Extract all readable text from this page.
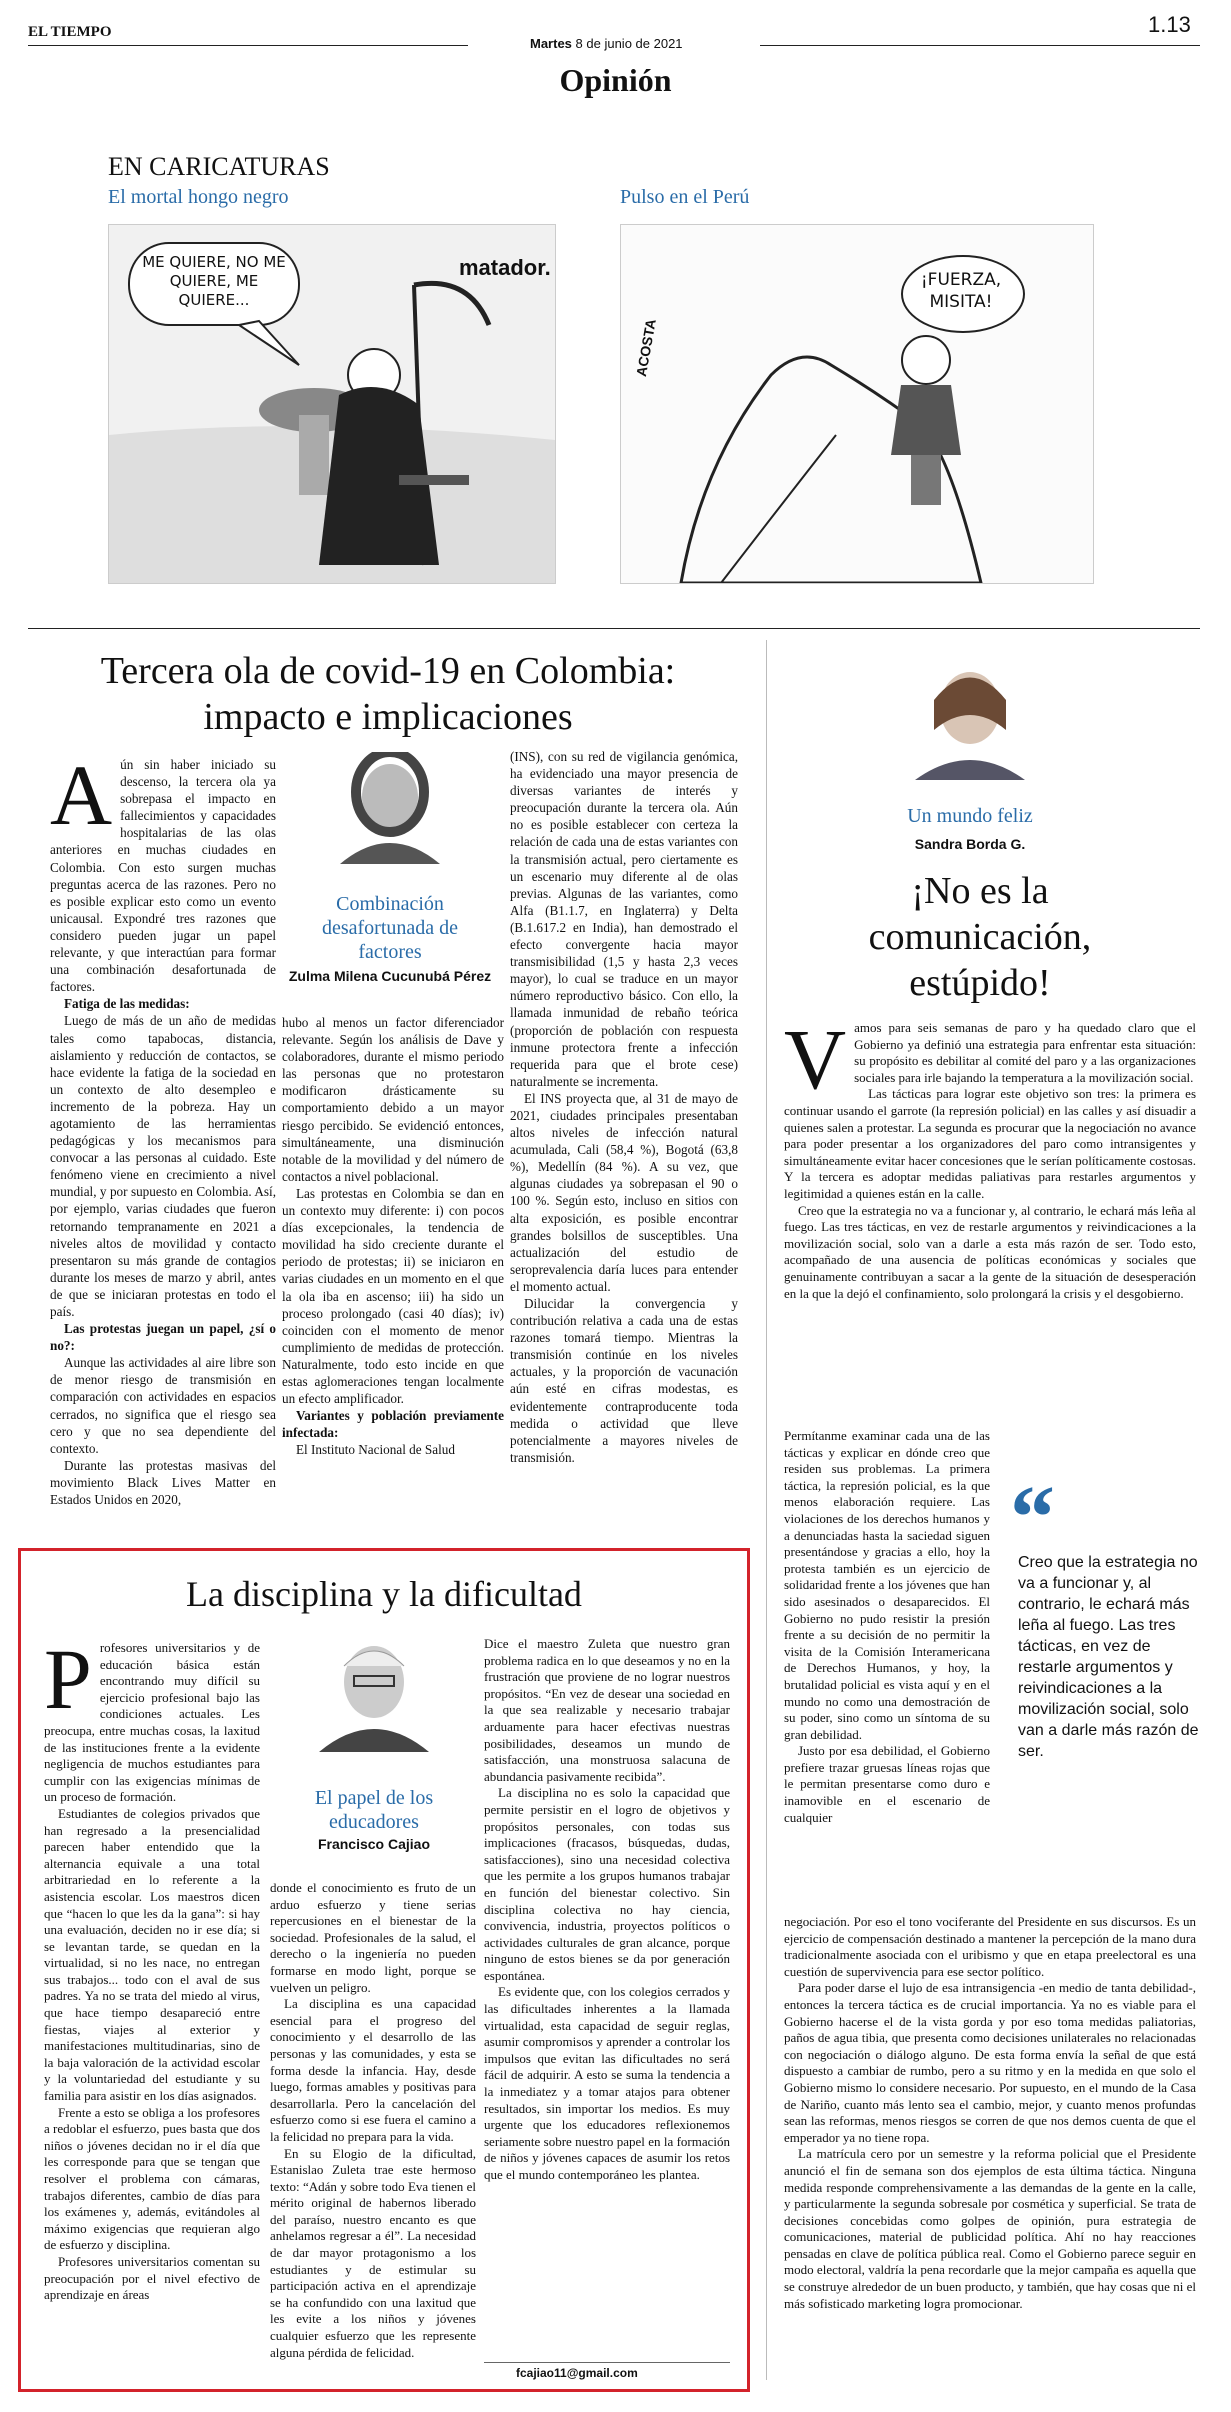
EL TIEMPO
Martes 8 de junio de 2021
1.13
Opinión
EN CARICATURAS
El mortal hongo negro	Pulso en el Perú
ME QUIERE, NO ME QUIERE, ME QUIERE...
matador.	¡FUERZA, MISITA!
ACOSTA
Tercera ola de covid-19 en Colombia:
impacto e implicaciones

Aún sin haber iniciado su descenso, la tercera ola ya sobrepasa el impacto en fallecimientos y capacidades hospitalarias de las olas anteriores en muchas ciudades en Colombia. Con esto surgen muchas preguntas acerca de las razones. Pero no es posible explicar esto como un evento unicausal. Expondré tres razones que considero pueden jugar un papel relevante, y que interactúan para formar una combinación desafortunada de factores.

Fatiga de las medidas:

Luego de más de un año de medidas tales como tapabocas, distancia, aislamiento y reducción de contactos, se hace evidente la fatiga de la sociedad en un contexto de alto desempleo e incremento de la pobreza. Hay un agotamiento de las herramientas pedagógicas y los mecanismos para convocar a las personas al cuidado. Este fenómeno viene en crecimiento a nivel mundial, y por supuesto en Colombia. Así, por ejemplo, varias ciudades que fueron retornando tempranamente en 2021 a niveles altos de movilidad y contacto presentaron su más grande de contagios durante los meses de marzo y abril, antes de que se iniciaran protestas en todo el país.

Las protestas juegan un papel, ¿sí o no?:

Aunque las actividades al aire libre son de menor riesgo de transmisión en comparación con actividades en espacios cerrados, no significa que el riesgo sea cero y que no sea dependiente del contexto.

Durante las protestas masivas del movimiento Black Lives Matter en Estados Unidos en 2020,

Combinación desafortunada de factores
Zulma Milena Cucunubá Pérez

hubo al menos un factor diferenciador relevante. Según los análisis de Dave y colaboradores, durante el mismo periodo las personas que no protestaron modificaron drásticamente su comportamiento debido a un mayor riesgo percibido. Se evidenció entonces, simultáneamente, una disminución notable de la movilidad y del número de contactos a nivel poblacional.

Las protestas en Colombia se dan en un contexto muy diferente: i) con pocos días excepcionales, la tendencia de movilidad ha sido creciente durante el periodo de protestas; ii) se iniciaron en varias ciudades en un momento en el que la ola iba en ascenso; iii) ha sido un proceso prolongado (casi 40 días); iv) coinciden con el momento de menor cumplimiento de medidas de protección. Naturalmente, todo esto incide en que estas aglomeraciones tengan localmente un efecto amplificador.

Variantes y población previamente infectada:

El Instituto Nacional de Salud

(INS), con su red de vigilancia genómica, ha evidenciado una mayor presencia de diversas variantes de interés y preocupación durante la tercera ola. Aún no es posible establecer con certeza la relación de cada una de estas variantes con la transmisión actual, pero ciertamente es un escenario muy diferente al de olas previas. Algunas de las variantes, como Alfa (B1.1.7, en Inglaterra) y Delta (B.1.617.2 en India), han demostrado el efecto convergente hacia mayor transmisibilidad (1,5 y hasta 2,3 veces mayor), lo cual se traduce en un mayor número reproductivo básico. Con ello, la llamada inmunidad de rebaño teórica (proporción de población con respuesta inmune protectora frente a infección requerida para que el brote cese) naturalmente se incrementa.

El INS proyecta que, al 31 de mayo de 2021, ciudades principales presentaban altos niveles de infección natural acumulada, Cali (58,4 %), Bogotá (63,8 %), Medellín (84 %). A su vez, que algunas ciudades ya sobrepasan el 90 o 100 %. Según esto, incluso en sitios con alta exposición, es posible encontrar grandes bolsillos de susceptibles. Una actualización del estudio de seroprevalencia daría luces para entender el momento actual.

Dilucidar la convergencia y contribución relativa a cada una de estas razones tomará tiempo. Mientras la transmisión continúe en los niveles actuales, y la proporción de vacunación aún esté en cifras modestas, es evidentemente contraproducente toda medida o actividad que lleve potencialmente a mayores niveles de transmisión.

La disciplina y la dificultad

Profesores universitarios y de educación básica están encontrando muy difícil su ejercicio profesional bajo las condiciones actuales. Les preocupa, entre muchas cosas, la laxitud de las instituciones frente a la evidente negligencia de muchos estudiantes para cumplir con las exigencias mínimas de un proceso de formación.

Estudiantes de colegios privados que han regresado a la presencialidad parecen haber entendido que la alternancia equivale a una total arbitrariedad en lo referente a la asistencia escolar. Los maestros dicen que “hacen lo que les da la gana”: si hay una evaluación, deciden no ir ese día; si se levantan tarde, se quedan en la virtualidad, si no les nace, no entregan sus trabajos... todo con el aval de sus padres. Ya no se trata del miedo al virus, que hace tiempo desapareció entre fiestas, viajes al exterior y manifestaciones multitudinarias, sino de la baja valoración de la actividad escolar y la voluntariedad del estudiante y su familia para asistir en los días asignados.

Frente a esto se obliga a los profesores a redoblar el esfuerzo, pues basta que dos niños o jóvenes decidan no ir el día que les corresponde para que se tengan que resolver el problema con cámaras, trabajos diferentes, cambio de días para los exámenes y, además, evitándoles al máximo exigencias que requieran algo de esfuerzo y disciplina.

Profesores universitarios comentan su preocupación por el nivel efectivo de aprendizaje en áreas

El papel de los educadores
Francisco Cajiao

donde el conocimiento es fruto de un arduo esfuerzo y tiene serias repercusiones en el bienestar de la sociedad. Profesionales de la salud, el derecho o la ingeniería no pueden formarse en modo light, porque se vuelven un peligro.

La disciplina es una capacidad esencial para el progreso del conocimiento y el desarrollo de las personas y las comunidades, y esta se forma desde la infancia. Hay, desde luego, formas amables y positivas para desarrollarla. Pero la cancelación del esfuerzo como si ese fuera el camino a la felicidad no prepara para la vida.

En su Elogio de la dificultad, Estanislao Zuleta trae este hermoso texto: “Adán y sobre todo Eva tienen el mérito original de habernos liberado del paraíso, nuestro encanto es que anhelamos regresar a él”. La necesidad de dar mayor protagonismo a los estudiantes y de estimular su participación activa en el aprendizaje se ha confundido con una laxitud que les evite a los niños y jóvenes cualquier esfuerzo que les represente alguna pérdida de felicidad.

Dice el maestro Zuleta que nuestro gran problema radica en lo que deseamos y no en la frustración que proviene de no lograr nuestros propósitos. “En vez de desear una sociedad en la que sea realizable y necesario trabajar arduamente para hacer efectivas nuestras posibilidades, deseamos un mundo de satisfacción, una monstruosa salacuna de abundancia pasivamente recibida”.

La disciplina no es solo la capacidad que permite persistir en el logro de objetivos y propósitos personales, con todas sus implicaciones (fracasos, búsquedas, dudas, satisfacciones), sino una necesidad colectiva que les permite a los grupos humanos trabajar en función del bienestar colectivo. Sin disciplina colectiva no hay ciencia, convivencia, industria, proyectos políticos o actividades culturales de gran alcance, porque ninguno de estos bienes se da por generación espontánea.

Es evidente que, con los colegios cerrados y las dificultades inherentes a la llamada virtualidad, esta capacidad de seguir reglas, asumir compromisos y aprender a controlar los impulsos que evitan las dificultades no será fácil de adquirir. A esto se suma la tendencia a la inmediatez y a tomar atajos para obtener resultados, sin importar los medios. Es muy urgente que los educadores reflexionemos seriamente sobre nuestro papel en la formación de niños y jóvenes capaces de asumir los retos que el mundo contemporáneo les plantea.

fcajiao11@gmail.com
Un mundo feliz
Sandra Borda G.
¡No es la
comunicación,
estúpido!

Vamos para seis semanas de paro y ha quedado claro que el Gobierno ya definió una estrategia para enfrentar esta situación: su propósito es debilitar al comité del paro y a las organizaciones sociales para irle bajando la temperatura a la movilización social.

Las tácticas para lograr este objetivo son tres: la primera es continuar usando el garrote (la represión policial) en las calles y así disuadir a quienes salen a protestar. La segunda es procurar que la negociación no avance para poder presentar a los organizadores del paro como intransigentes y simultáneamente evitar hacer concesiones que le serían políticamente costosas. Y la tercera es adoptar medidas paliativas para restarles argumentos y legitimidad a quienes están en la calle.

Creo que la estrategia no va a funcionar y, al contrario, le echará más leña al fuego. Las tres tácticas, en vez de restarle argumentos y reivindicaciones a la movilización social, solo van a darle a esta más razón de ser. Todo esto, acompañado de una ausencia de políticas económicas y sociales que genuinamente contribuyan a sacar a la gente de la situación de desesperación en la que la dejó el confinamiento, solo prolongará la crisis y el desgobierno.

Permítanme examinar cada una de las tácticas y explicar en dónde creo que residen sus problemas. La primera táctica, la represión policial, es la que menos elaboración requiere. Las violaciones de los derechos humanos y a denunciadas hasta la saciedad siguen presentándose y gracias a ello, hoy la protesta también es un ejercicio de solidaridad frente a los jóvenes que han sido asesinados o desaparecidos. El Gobierno no pudo resistir la presión frente a su decisión de no permitir la visita de la Comisión Interamericana de Derechos Humanos, y hoy, la brutalidad policial es vista aquí y en el mundo no como una demostración de su poder, sino como un síntoma de su gran debilidad.

Justo por esa debilidad, el Gobierno prefiere trazar gruesas líneas rojas que le permitan presentarse como duro e inamovible en el escenario de cualquier

“
Creo que la estrategia no va a funcionar y, al contrario, le echará más leña al fuego. Las tres tácticas, en vez de restarle argumentos y reivindicaciones a la movilización social, solo van a darle más razón de ser.

negociación. Por eso el tono vociferante del Presidente en sus discursos. Es un ejercicio de compensación destinado a mantener la percepción de la mano dura tradicionalmente asociada con el uribismo y que en etapa preelectoral es una cuestión de supervivencia para ese sector político.

Para poder darse el lujo de esa intransigencia -en medio de tanta debilidad-, entonces la tercera táctica es de crucial importancia. Ya no es viable para el Gobierno hacerse el de la vista gorda y por eso toma medidas paliatorias, paños de agua tibia, que presenta como decisiones unilaterales no relacionadas con negociación o diálogo alguno. De esta forma envía la señal de que está dispuesto a cambiar de rumbo, pero a su ritmo y en la medida en que solo el Gobierno mismo lo considere necesario. Por supuesto, en el mundo de la Casa de Nariño, cuanto más lento sea el cambio, mejor, y cuanto menos profundas sean las reformas, menos riesgos se corren de que nos demos cuenta de que el emperador ya no tiene ropa.

La matrícula cero por un semestre y la reforma policial que el Presidente anunció el fin de semana son dos ejemplos de esta última táctica. Ninguna medida responde comprehensivamente a las demandas de la gente en la calle, y particularmente la segunda sobresale por cosmética y superficial. Se trata de decisiones concebidas como golpes de opinión, pura estrategia de comunicaciones, material de publicidad política. Ahí no hay reacciones pensadas en clave de política pública real. Como el Gobierno parece seguir en modo electoral, valdría la pena recordarle que la mejor campaña es aquella que se construye alrededor de un buen producto, y también, que hay cosas que ni el más sofisticado marketing logra promocionar.
